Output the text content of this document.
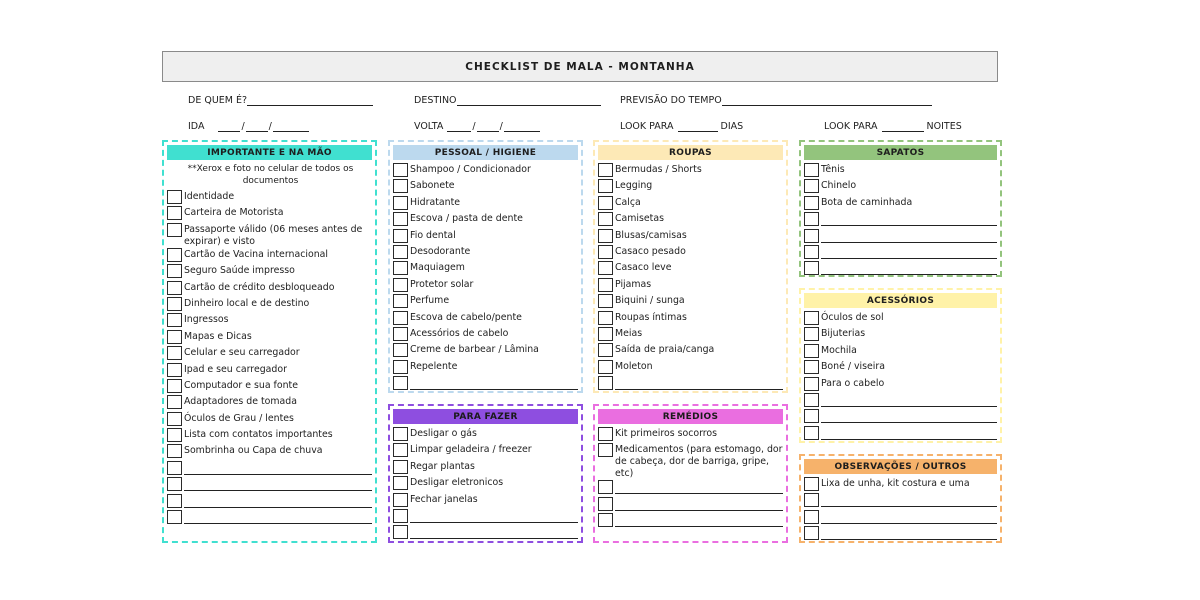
CHECKLIST DE MALA - MONTANHA
DE QUEM É?	DESTINO	PREVISÃO DO TEMPO
IDA	/	/	VOLTA	/	/	LOOK PARA	DIAS	LOOK PARA	NOITES
IMPORTANTE E NA MÃO
**Xerox e foto no celular de todos os documentos
Identidade
Carteira de Motorista
Passaporte válido (06 meses antes de expirar) e visto
Cartão de Vacina internacional
Seguro Saúde impresso
Cartão de crédito desbloqueado
Dinheiro local e de destino
Ingressos
Mapas e Dicas
Celular e seu carregador
Ipad e seu carregador
Computador e sua fonte
Adaptadores de tomada
Óculos de Grau / lentes
Lista com contatos importantes
Sombrinha ou Capa de chuva
PESSOAL / HIGIENE
Shampoo / Condicionador
Sabonete
Hidratante
Escova / pasta de dente
Fio dental
Desodorante
Maquiagem
Protetor solar
Perfume
Escova de cabelo/pente
Acessórios de cabelo
Creme de barbear / Lâmina
Repelente
PARA FAZER
Desligar o gás
Limpar geladeira / freezer
Regar plantas
Desligar eletronicos
Fechar janelas
ROUPAS
Bermudas / Shorts
Legging
Calça
Camisetas
Blusas/camisas
Casaco pesado
Casaco leve
Pijamas
Biquini / sunga
Roupas íntimas
Meias
Saída de praia/canga
Moleton
REMÉDIOS
Kit primeiros socorros
Medicamentos (para estomago, dor de cabeça, dor de barriga, gripe, etc)
SAPATOS
Tênis
Chinelo
Bota de caminhada
ACESSÓRIOS
Óculos de sol
Bijuterias
Mochila
Boné / viseira
Para o cabelo
OBSERVAÇÕES / OUTROS
Lixa de unha, kit costura e uma
